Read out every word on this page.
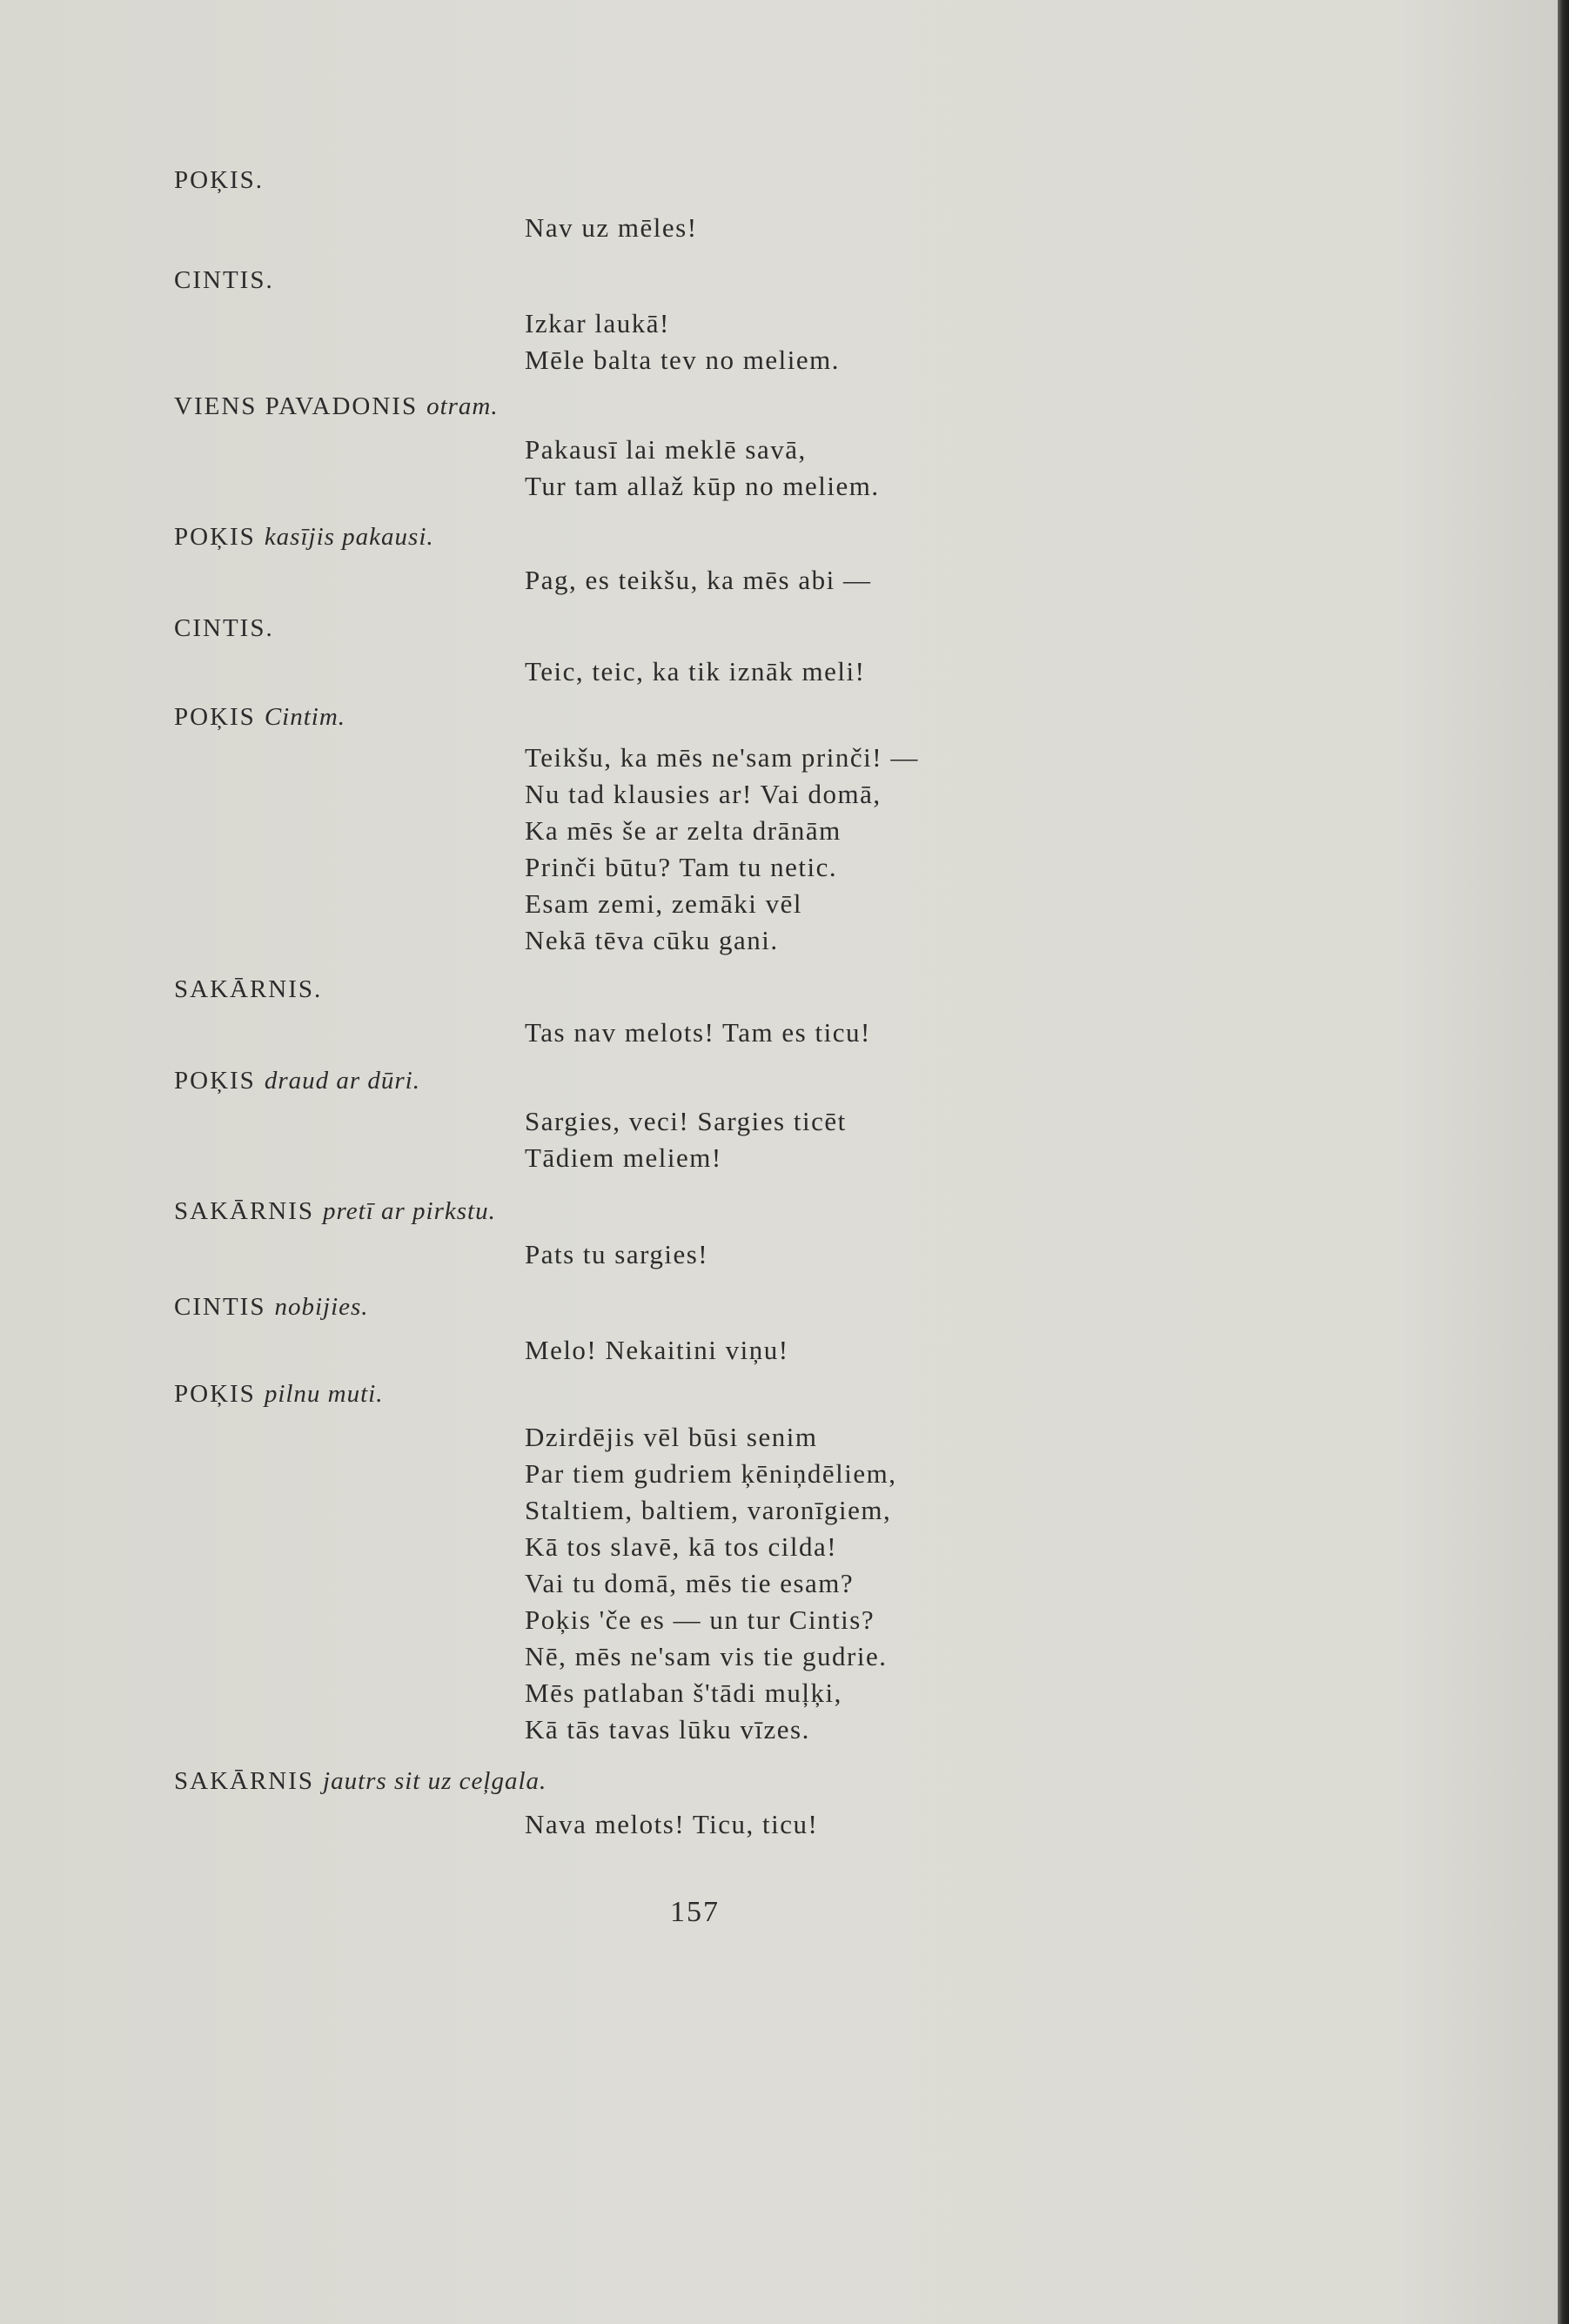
POĶIS.
Nav uz mēles!
CINTIS.
Izkar laukā!
Mēle balta tev no meliem.
VIENS PAVADONIS otram.
Pakausī lai meklē savā,
Tur tam allaž kūp no meliem.
POĶIS kasījis pakausi.
Pag, es teikšu, ka mēs abi —
CINTIS.
Teic, teic, ka tik iznāk meli!
POĶIS Cintim.
Teikšu, ka mēs ne'sam prinči! —
Nu tad klausies ar! Vai domā,
Ka mēs še ar zelta drānām
Prinči būtu? Tam tu netic.
Esam zemi, zemāki vēl
Nekā tēva cūku gani.
SAKĀRNIS.
Tas nav melots! Tam es ticu!
POĶIS draud ar dūri.
Sargies, veci! Sargies ticēt
Tādiem meliem!
SAKĀRNIS pretī ar pirkstu.
Pats tu sargies!
CINTIS nobijies.
Melo! Nekaitini viņu!
POĶIS pilnu muti.
Dzirdējis vēl būsi senim
Par tiem gudriem ķēniņdēliem,
Staltiem, baltiem, varonīgiem,
Kā tos slavē, kā tos cilda!
Vai tu domā, mēs tie esam?
Poķis 'če es — un tur Cintis?
Nē, mēs ne'sam vis tie gudrie.
Mēs patlaban š'tādi muļķi,
Kā tās tavas lūku vīzes.
SAKĀRNIS jautrs sit uz ceļgala.
Nava melots! Ticu, ticu!
157
